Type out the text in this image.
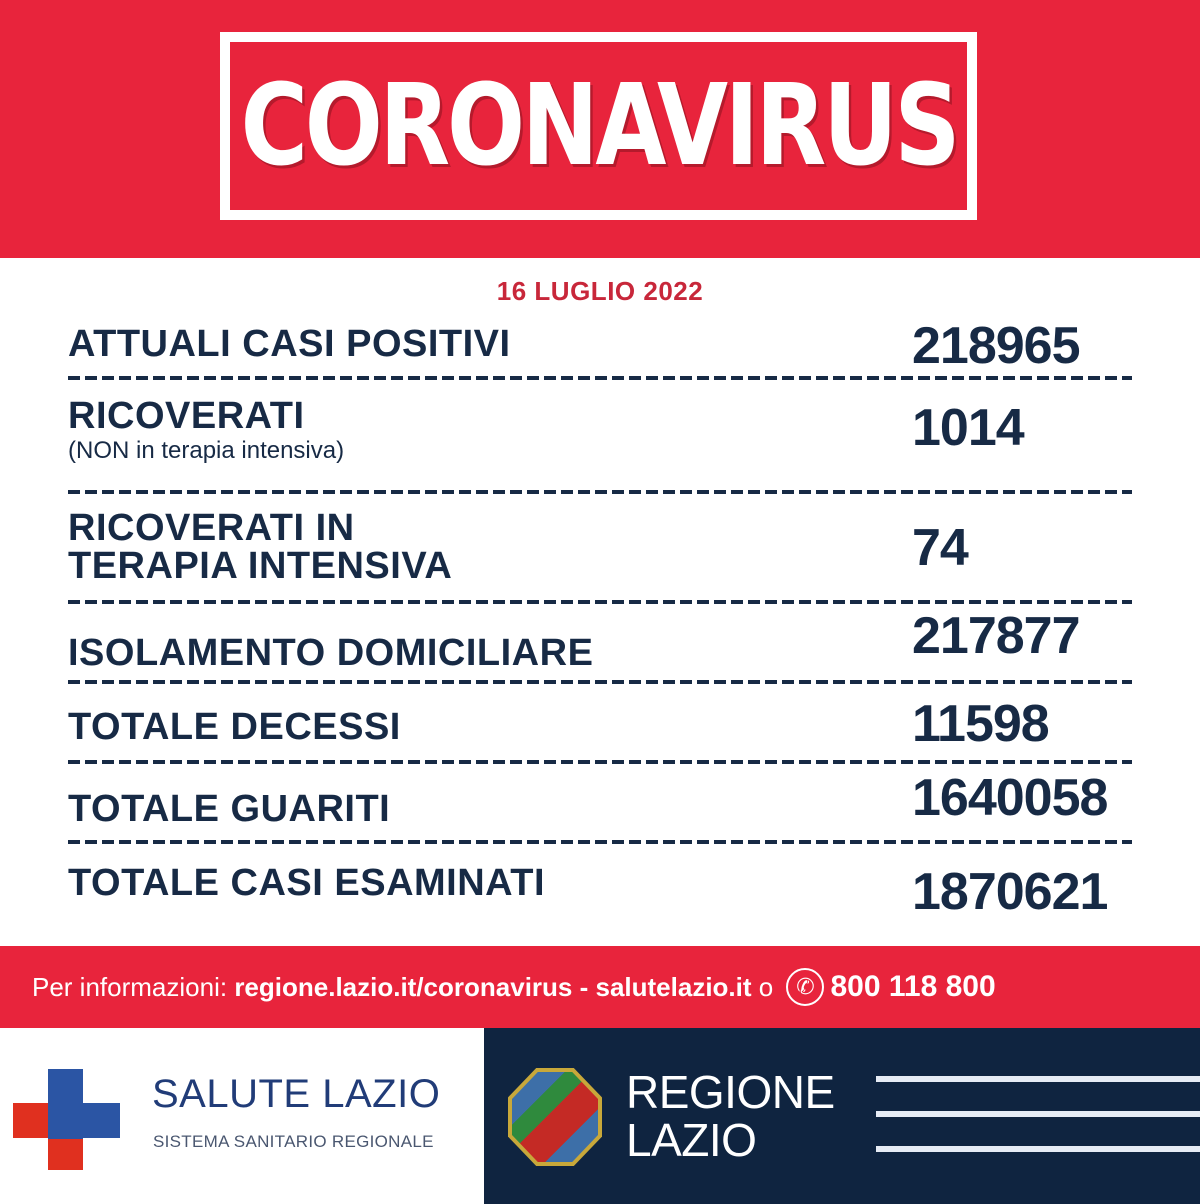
CORONAVIRUS
16 LUGLIO 2022
ATTUALI CASI POSITIVI	218965
RICOVERATI
(NON in terapia intensiva)	1014
RICOVERATI IN
TERAPIA INTENSIVA	74
ISOLAMENTO DOMICILIARE	217877
TOTALE DECESSI	11598
TOTALE GUARITI	1640058
TOTALE CASI ESAMINATI	1870621
Per informazioni:
regione.lazio.it/coronavirus - salutelazio.it o ✆ 800 118 800
SALUTE LAZIO
SISTEMA SANITARIO REGIONALE
REGIONE
LAZIO
